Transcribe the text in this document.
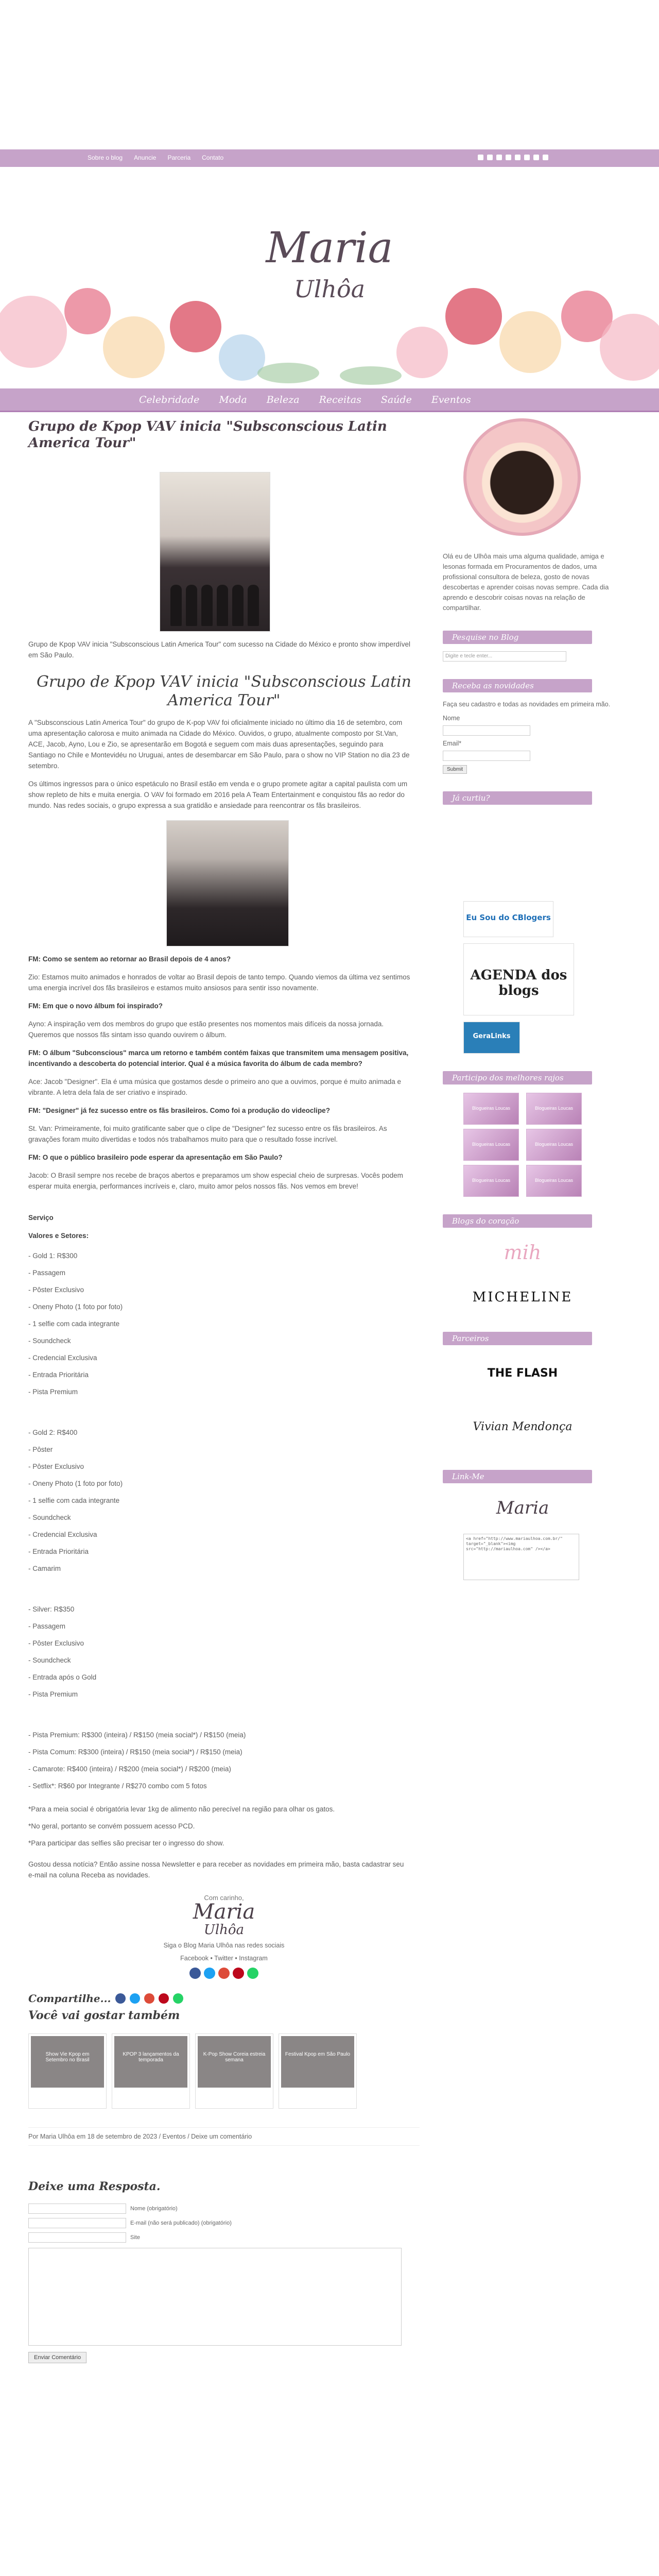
Sobre o blog Anuncie Parceria Contato
Maria
Ulhôa
Celebridade Moda Beleza Receitas Saúde Eventos
Grupo de Kpop VAV inicia "Subsconscious Latin America Tour"
Grupo de Kpop VAV inicia "Subsconscious Latin America Tour" com sucesso na Cidade do México e pronto show imperdível em São Paulo.
Grupo de Kpop VAV inicia "Subsconscious Latin America Tour"
A "Subsconscious Latin America Tour" do grupo de K-pop VAV foi oficialmente iniciado no último dia 16 de setembro, com uma apresentação calorosa e muito animada na Cidade do México. Ouvidos, o grupo, atualmente composto por St.Van, ACE, Jacob, Ayno, Lou e Zio, se apresentarão em Bogotá e seguem com mais duas apresentações, seguindo para Santiago no Chile e Montevidéu no Uruguai, antes de desembarcar em São Paulo, para o show no VIP Station no dia 23 de setembro.
Os últimos ingressos para o único espetáculo no Brasil estão em venda e o grupo promete agitar a capital paulista com um show repleto de hits e muita energia. O VAV foi formado em 2016 pela A Team Entertainment e conquistou fãs ao redor do mundo. Nas redes sociais, o grupo expressa a sua gratidão e ansiedade para reencontrar os fãs brasileiros.
FM: Como se sentem ao retornar ao Brasil depois de 4 anos?
Zio: Estamos muito animados e honrados de voltar ao Brasil depois de tanto tempo. Quando viemos da última vez sentimos uma energia incrível dos fãs brasileiros e estamos muito ansiosos para sentir isso novamente.
FM: Em que o novo álbum foi inspirado?
Ayno: A inspiração vem dos membros do grupo que estão presentes nos momentos mais difíceis da nossa jornada. Queremos que nossos fãs sintam isso quando ouvirem o álbum.
FM: O álbum "Subconscious" marca um retorno e também contém faixas que transmitem uma mensagem positiva, incentivando a descoberta do potencial interior. Qual é a música favorita do álbum de cada membro?
Ace: Jacob "Designer". Ela é uma música que gostamos desde o primeiro ano que a ouvimos, porque é muito animada e vibrante. A letra dela fala de ser criativo e inspirado.
FM: "Designer" já fez sucesso entre os fãs brasileiros. Como foi a produção do videoclipe?
St. Van: Primeiramente, foi muito gratificante saber que o clipe de "Designer" fez sucesso entre os fãs brasileiros. As gravações foram muito divertidas e todos nós trabalhamos muito para que o resultado fosse incrível.
FM: O que o público brasileiro pode esperar da apresentação em São Paulo?
Jacob: O Brasil sempre nos recebe de braços abertos e preparamos um show especial cheio de surpresas. Vocês podem esperar muita energia, performances incríveis e, claro, muito amor pelos nossos fãs. Nos vemos em breve!
Serviço
Valores e Setores:
- Gold 1: R$300
- Passagem
- Pôster Exclusivo
- Oneny Photo (1 foto por foto)
- 1 selfie com cada integrante
- Soundcheck
- Credencial Exclusiva
- Entrada Prioritária
- Pista Premium
- Gold 2: R$400
- Pôster
- Pôster Exclusivo
- Oneny Photo (1 foto por foto)
- 1 selfie com cada integrante
- Soundcheck
- Credencial Exclusiva
- Entrada Prioritária
- Camarim
- Silver: R$350
- Passagem
- Pôster Exclusivo
- Soundcheck
- Entrada após o Gold
- Pista Premium
- Pista Premium: R$300 (inteira) / R$150 (meia social*) / R$150 (meia)
- Pista Comum: R$300 (inteira) / R$150 (meia social*) / R$150 (meia)
- Camarote: R$400 (inteira) / R$200 (meia social*) / R$200 (meia)
- Setflix*: R$60 por Integrante / R$270 combo com 5 fotos
*Para a meia social é obrigatória levar 1kg de alimento não perecível na região para olhar os gatos.
*No geral, portanto se convém possuem acesso PCD.
*Para participar das selfies são precisar ter o ingresso do show.
Gostou dessa notícia? Então assine nossa Newsletter e para receber as novidades em primeira mão, basta cadastrar seu e-mail na coluna Receba as novidades.
Com carinho,
Maria
Ulhôa
Siga o Blog Maria Ulhôa nas redes sociais
Facebook • Twitter • Instagram
Compartilhe...
Você vai gostar também
Show Vie Kpop em Setembro no Brasil
KPOP 3 lançamentos da temporada
K-Pop Show Coreia estreia semana
Festival Kpop em São Paulo
Por Maria Ulhôa em 18 de setembro de 2023 / Eventos / Deixe um comentário
Deixe uma Resposta.
Nome (obrigatório)
E-mail (não será publicado) (obrigatório)
Site
Enviar Comentário
Olá eu de Ulhôa mais uma alguma qualidade, amiga e lesonas formada em Procuramentos de dados, uma profissional consultora de beleza, gosto de novas descobertas e aprender coisas novas sempre. Cada dia aprendo e descobrir coisas novas na relação de compartilhar.
Pesquise no Blog
Digite e tecle enter...
Receba as novidades
Faça seu cadastro e todas as novidades em primeira mão.
Nome
Email*
Submit
Já curtiu?
Eu Sou do CBlogers
AGENDA dos blogs
GeraLinks
Participo dos melhores rajos
Blogueiras Loucas	Blogueiras Loucas
Blogueiras Loucas	Blogueiras Loucas
Blogueiras Loucas	Blogueiras Loucas
Blogs do coração
mih
MICHELINE
Parceiros
THE FLASH
Vivian Mendonça
Link-Me
Maria
<a href="http://www.mariaulhoa.com.br/" target="_blank"><img src="http://mariaulhoa.com" /></a>
